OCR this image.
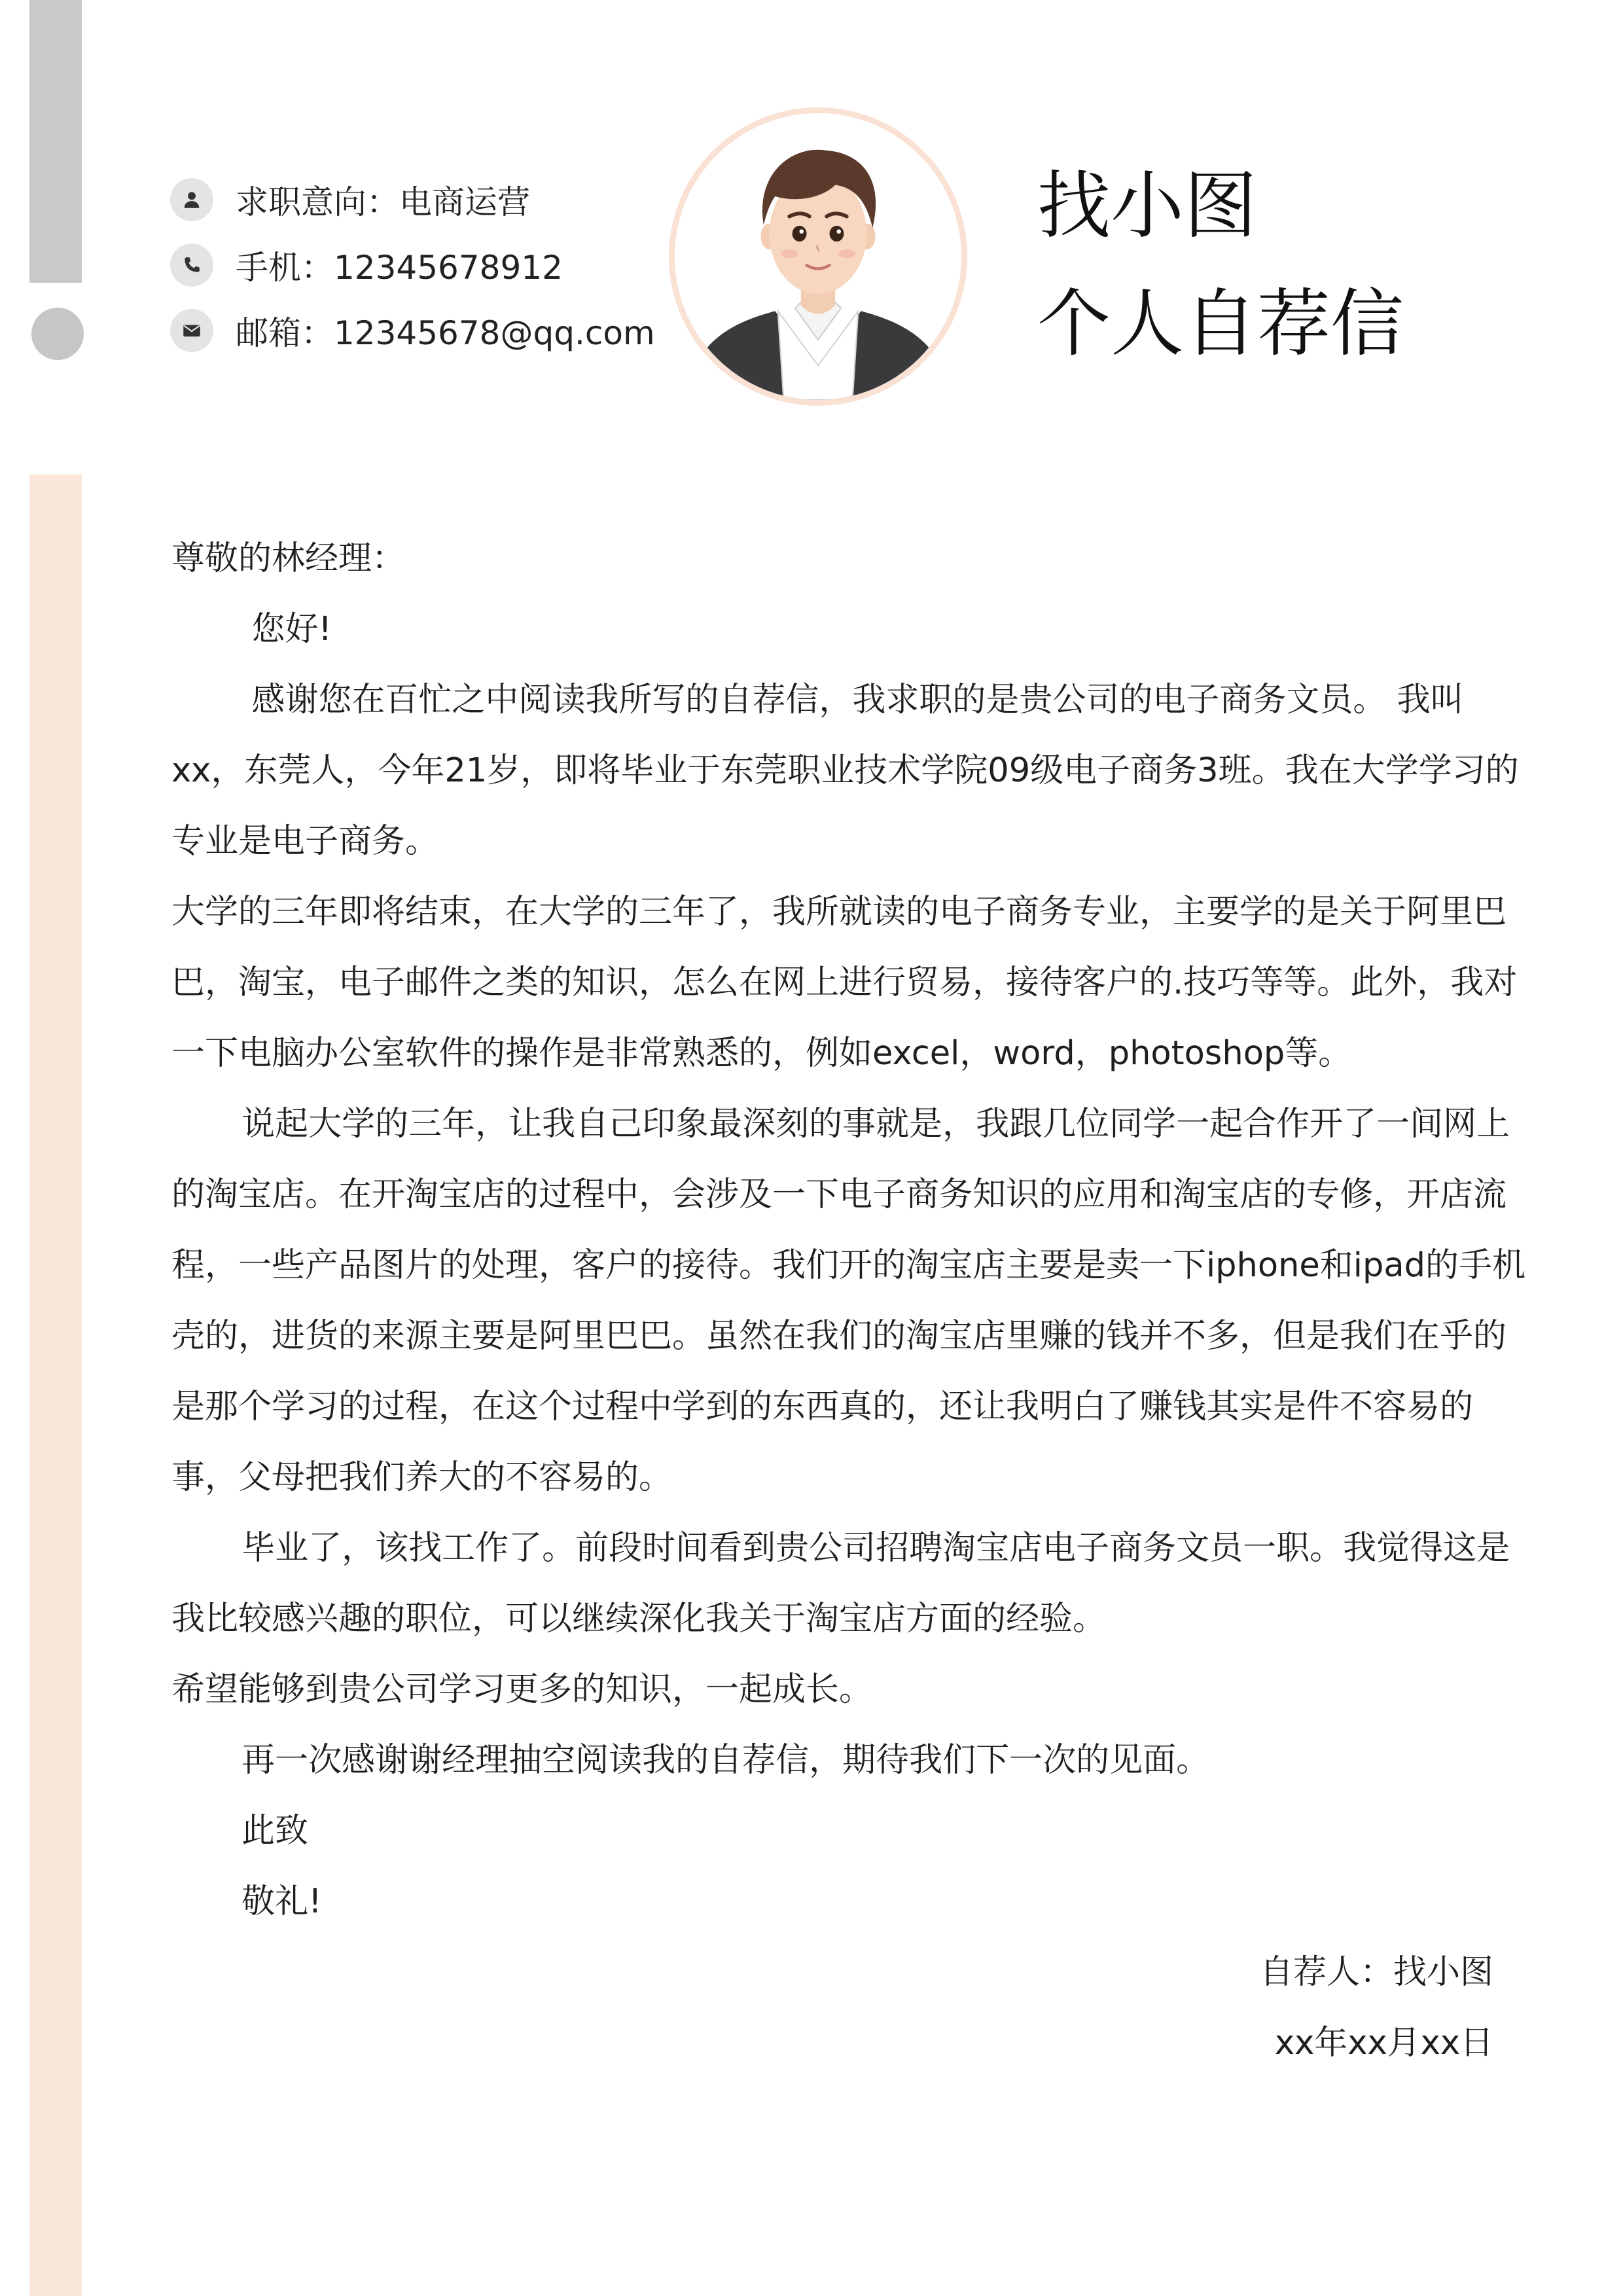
求职意向：电商运营
手机：12345678912
邮箱：12345678@qq.com
找小图
个人自荐信

尊敬的林经理：

您好!

感谢您在百忙之中阅读我所写的自荐信，我求职的是贵公司的电子商务文员。 我叫xx，东莞人，今年21岁，即将毕业于东莞职业技术学院09级电子商务3班。我在大学学习的专业是电子商务。

大学的三年即将结束，在大学的三年了，我所就读的电子商务专业，主要学的是关于阿里巴巴，淘宝，电子邮件之类的知识，怎么在网上进行贸易，接待客户的.技巧等等。此外，我对一下电脑办公室软件的操作是非常熟悉的，例如excel，word，photoshop等。

说起大学的三年，让我自己印象最深刻的事就是，我跟几位同学一起合作开了一间网上的淘宝店。在开淘宝店的过程中，会涉及一下电子商务知识的应用和淘宝店的专修，开店流程，一些产品图片的处理，客户的接待。我们开的淘宝店主要是卖一下iphone和ipad的手机壳的，进货的来源主要是阿里巴巴。虽然在我们的淘宝店里赚的钱并不多，但是我们在乎的是那个学习的过程，在这个过程中学到的东西真的，还让我明白了赚钱其实是件不容易的事，父母把我们养大的不容易的。

毕业了，该找工作了。前段时间看到贵公司招聘淘宝店电子商务文员一职。我觉得这是我比较感兴趣的职位，可以继续深化我关于淘宝店方面的经验。

希望能够到贵公司学习更多的知识，一起成长。

再一次感谢谢经理抽空阅读我的自荐信，期待我们下一次的见面。

此致

敬礼!

自荐人：找小图

xx年xx月xx日
